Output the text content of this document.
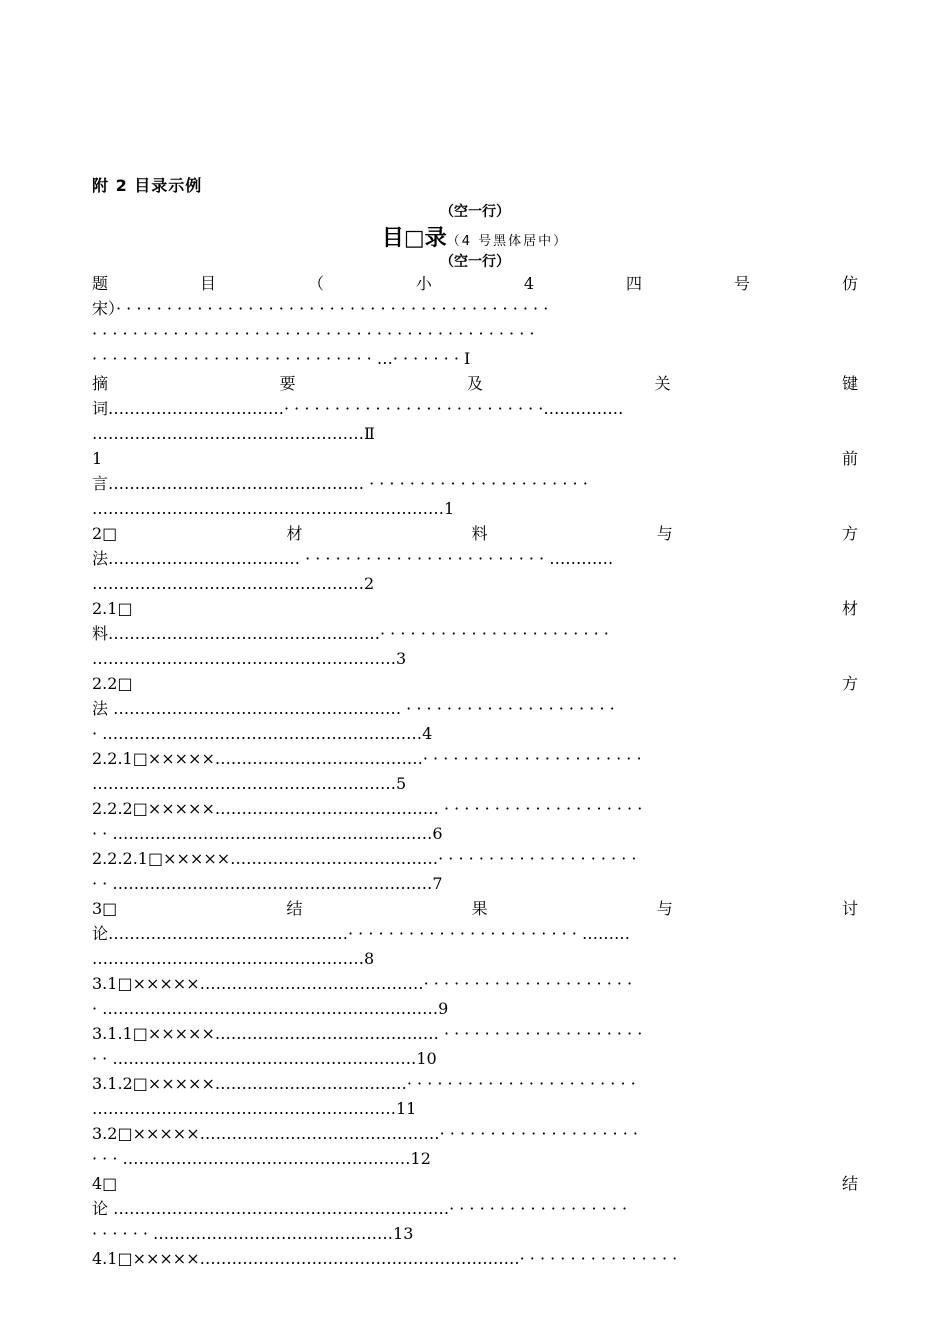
附 2 目录示例
（空一行）
目□录（4 号黑体居中）
（空一行）
题	目	（	小	4	四	号	仿
宋）· · · · · · · · · · · · · · · · · · · · · · · · · · · · · · · · · · · · · · · · · · ·
· · · · · · · · · · · · · · · · · · · · · · · · · · · · · · · · · · · · · · · · · · · ·
· · · · · · · · · · · · · · · · · · · · · · · · · · · · …· · · · · · · Ⅰ
摘	要	及	关	键
词……………………………· · · · · · · · · · · · · · · · · · · · · · · · · ·……………
……………………………………………Ⅱ
1	前
言………………………………………… · · · · · · · · · · · · · · · · · · · · · ·
…………………………………………………………1
2□	材	料	与	方
法……………………………… · · · · · · · · · · · · · · · · · · · · · · · · …………
……………………………………………2
2.1□	材
料……………………………………………· · · · · · · · · · · · · · · · · · · · · · ·
…………………………………………………3
2.2□	方
法 ……………………………………………… · · · · · · · · · · · · · · · · · · · · ·
· ……………………………………………………4
2.2.1□×××××…………………………………· · · · · · · · · · · · · · · · · · · · · ·
…………………………………………………5
2.2.2□×××××…………………………………… · · · · · · · · · · · · · · · · · · · ·
· · ……………………………………………………6
2.2.2.1□×××××…………………………………· · · · · · · · · · · · · · · · · · · ·
· · ……………………………………………………7
3□	结	果	与	讨
论………………………………………· · · · · · · · · · · · · · · · · · · · · · · ………
……………………………………………8
3.1□×××××……………………………………· · · · · · · · · · · · · · · · · · · · ·
· ………………………………………………………9
3.1.1□×××××…………………………………… · · · · · · · · · · · · · · · · · · · ·
· · …………………………………………………10
3.1.2□×××××………………………………· · · · · · · · · · · · · · · · · · · · · · ·
…………………………………………………11
3.2□×××××………………………………………· · · · · · · · · · · · · · · · · · · ·
· · · ………………………………………………12
4□	结
论 ………………………………………………………· · · · · · · · · · · · · · · · · ·
· · · · · · ………………………………………13
4.1□×××××……………………………………………………· · · · · · · · · · · · · · · ·
